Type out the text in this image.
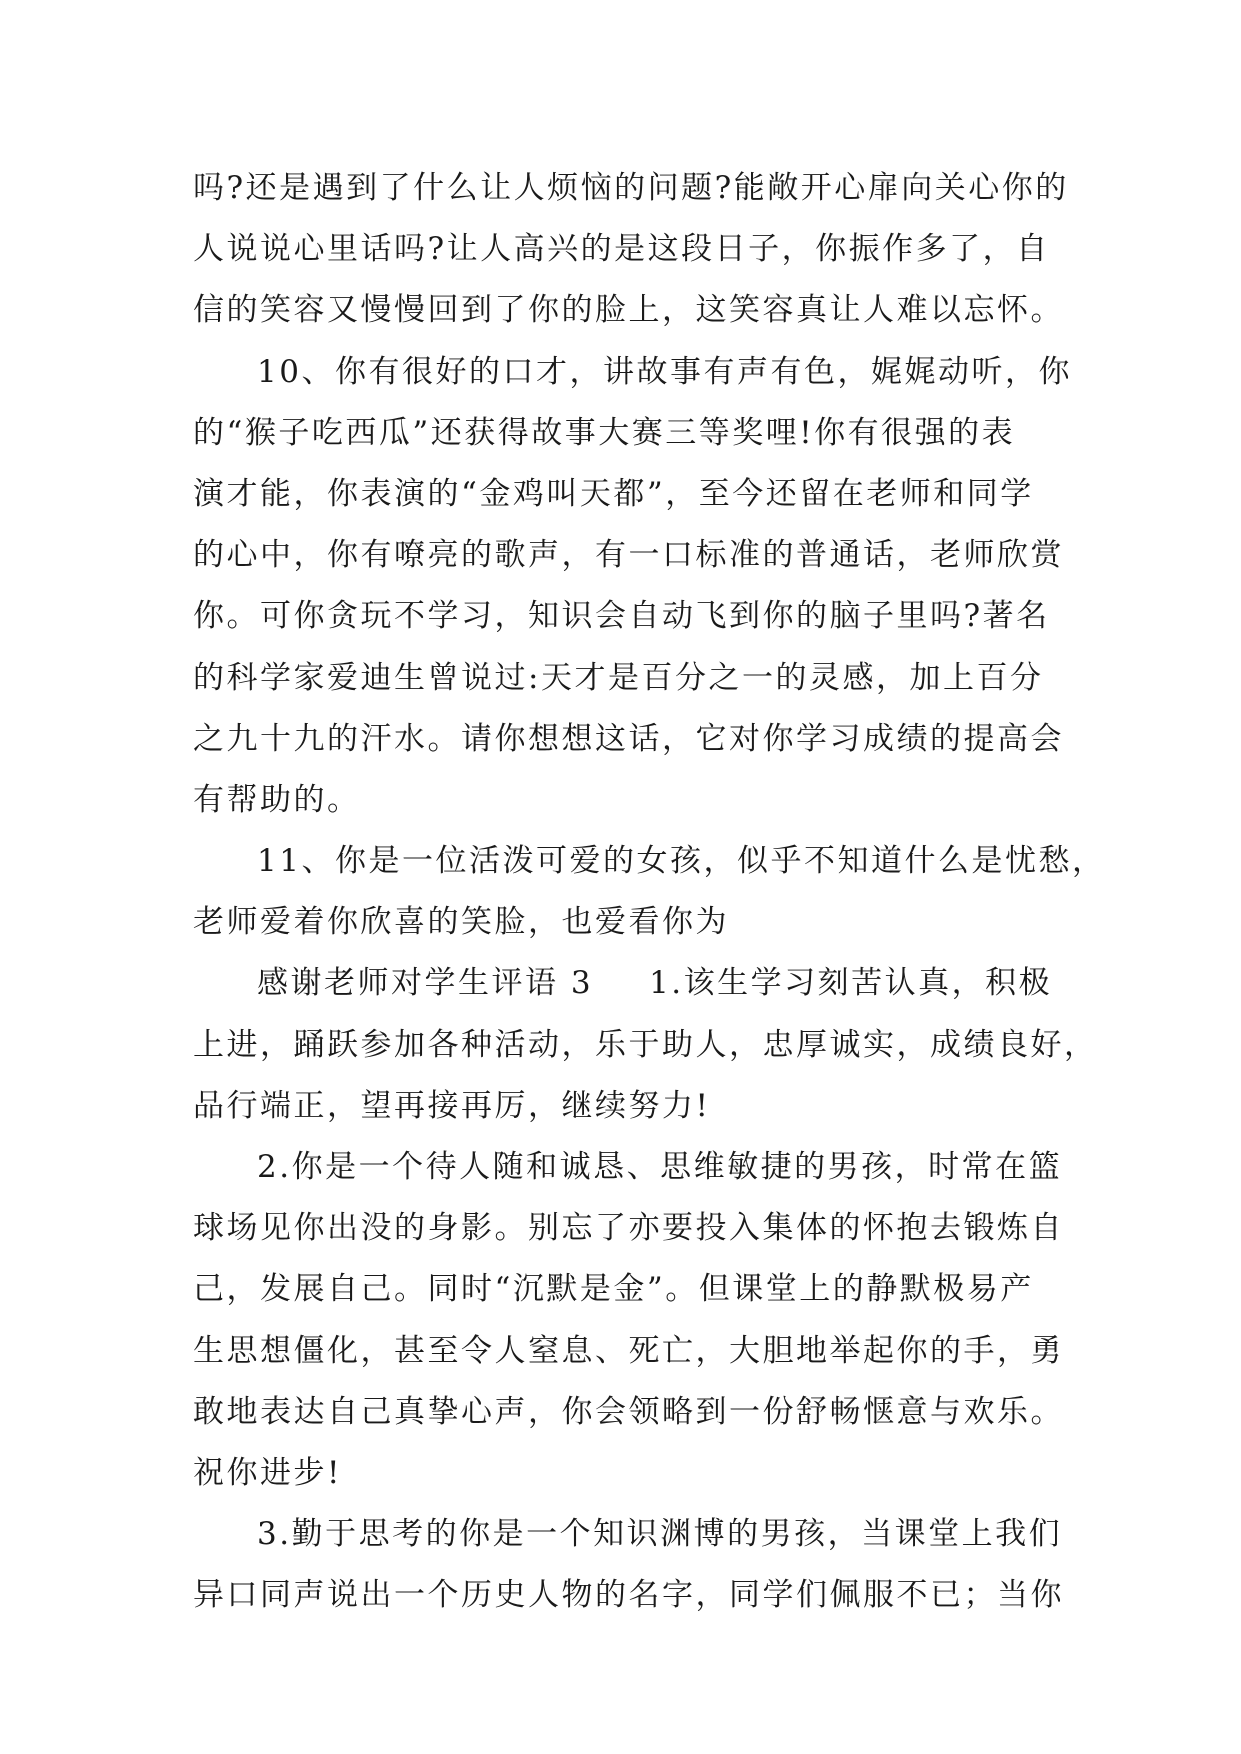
吗?还是遇到了什么让人烦恼的问题?能敞开心扉向关心你的
人说说心里话吗?让人高兴的是这段日子，你振作多了，自
信的笑容又慢慢回到了你的脸上，这笑容真让人难以忘怀。
10、你有很好的口才，讲故事有声有色，娓娓动听，你
的“猴子吃西瓜”还获得故事大赛三等奖哩!你有很强的表
演才能，你表演的“金鸡叫天都”，至今还留在老师和同学
的心中，你有嘹亮的歌声，有一口标准的普通话，老师欣赏
你。可你贪玩不学习，知识会自动飞到你的脑子里吗?著名
的科学家爱迪生曾说过:天才是百分之一的灵感，加上百分
之九十九的汗水。请你想想这话，它对你学习成绩的提高会
有帮助的。
11、你是一位活泼可爱的女孩，似乎不知道什么是忧愁，
老师爱着你欣喜的笑脸，也爱看你为
感谢老师对学生评语 3 1.该生学习刻苦认真，积极
上进，踊跃参加各种活动，乐于助人，忠厚诚实，成绩良好，
品行端正，望再接再厉，继续努力!
2.你是一个待人随和诚恳、思维敏捷的男孩，时常在篮
球场见你出没的身影。别忘了亦要投入集体的怀抱去锻炼自
己，发展自己。同时“沉默是金”。但课堂上的静默极易产
生思想僵化，甚至令人窒息、死亡，大胆地举起你的手，勇
敢地表达自己真挚心声，你会领略到一份舒畅惬意与欢乐。
祝你进步!
3.勤于思考的你是一个知识渊博的男孩，当课堂上我们
异口同声说出一个历史人物的名字，同学们佩服不已；当你
